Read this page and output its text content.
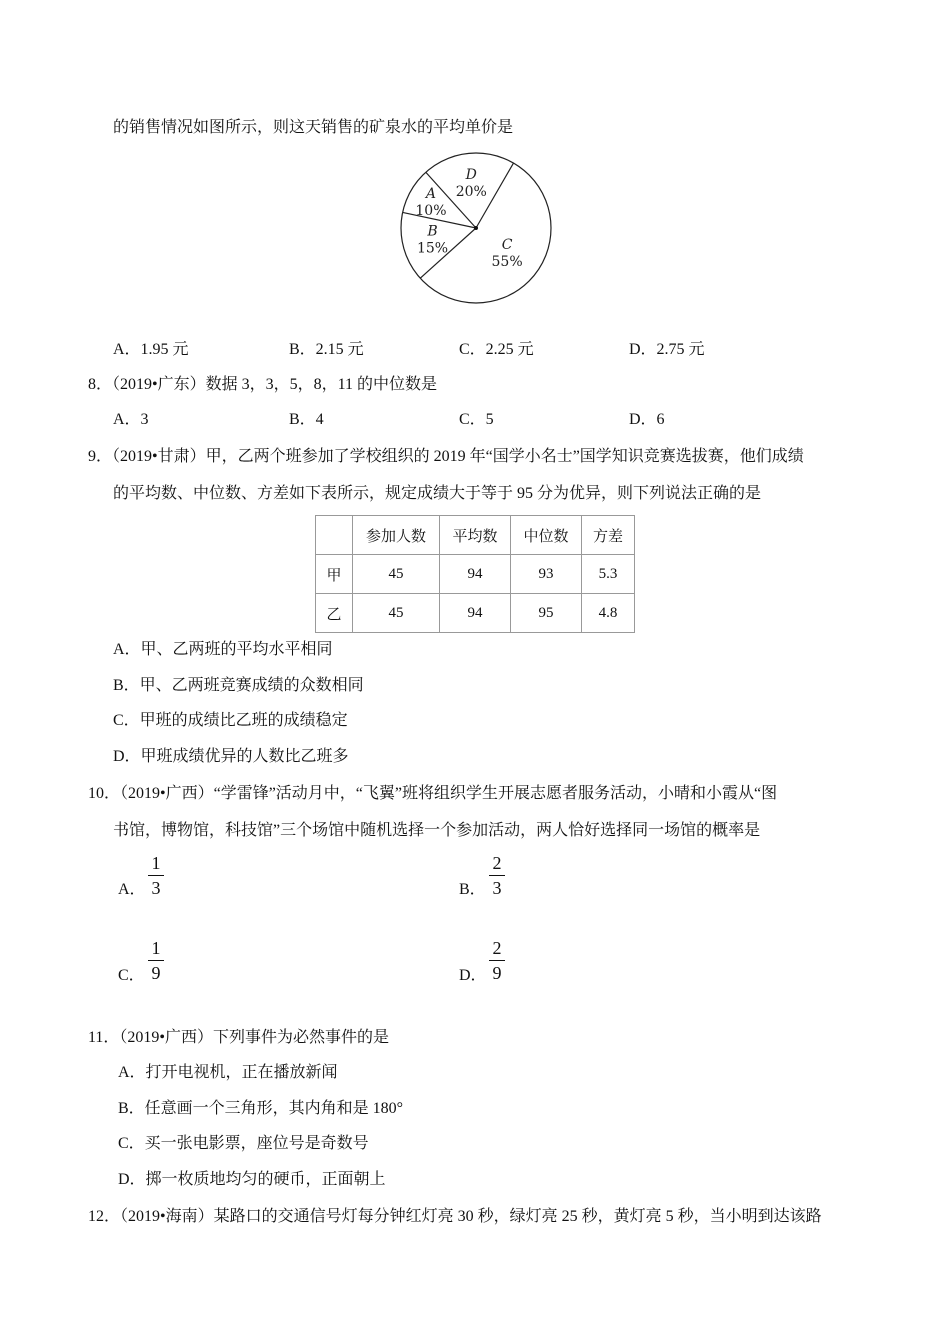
的销售情况如图所示，则这天销售的矿泉水的平均单价是
A
10%
D
20%
C
55%
B
15%
A．1.95 元	B．2.15 元	C．2.25 元	D．2.75 元
8．（2019•广东）数据 3，3，5，8，11 的中位数是
A．3	B．4	C．5	D．6
9．（2019•甘肃）甲，乙两个班参加了学校组织的 2019 年“国学小名士”国学知识竞赛选拔赛，他们成绩
的平均数、中位数、方差如下表所示，规定成绩大于等于 95 分为优异，则下列说法正确的是
	参加人数	平均数	中位数	方差
甲	45	94	93	5.3
乙	45	94	95	4.8
A．甲、乙两班的平均水平相同
B．甲、乙两班竞赛成绩的众数相同
C．甲班的成绩比乙班的成绩稳定
D．甲班成绩优异的人数比乙班多
10．（2019•广西）“学雷锋”活动月中，“飞翼”班将组织学生开展志愿者服务活动，小晴和小霞从“图
书馆，博物馆，科技馆”三个场馆中随机选择一个参加活动，两人恰好选择同一场馆的概率是
A．
1
3	B．
2
3
C．
1
9	D．
2
9
11．（2019•广西）下列事件为必然事件的是
A．打开电视机，正在播放新闻
B．任意画一个三角形，其内角和是 180°
C．买一张电影票，座位号是奇数号
D．掷一枚质地均匀的硬币，正面朝上
12．（2019•海南）某路口的交通信号灯每分钟红灯亮 30 秒，绿灯亮 25 秒，黄灯亮 5 秒，当小明到达该路
